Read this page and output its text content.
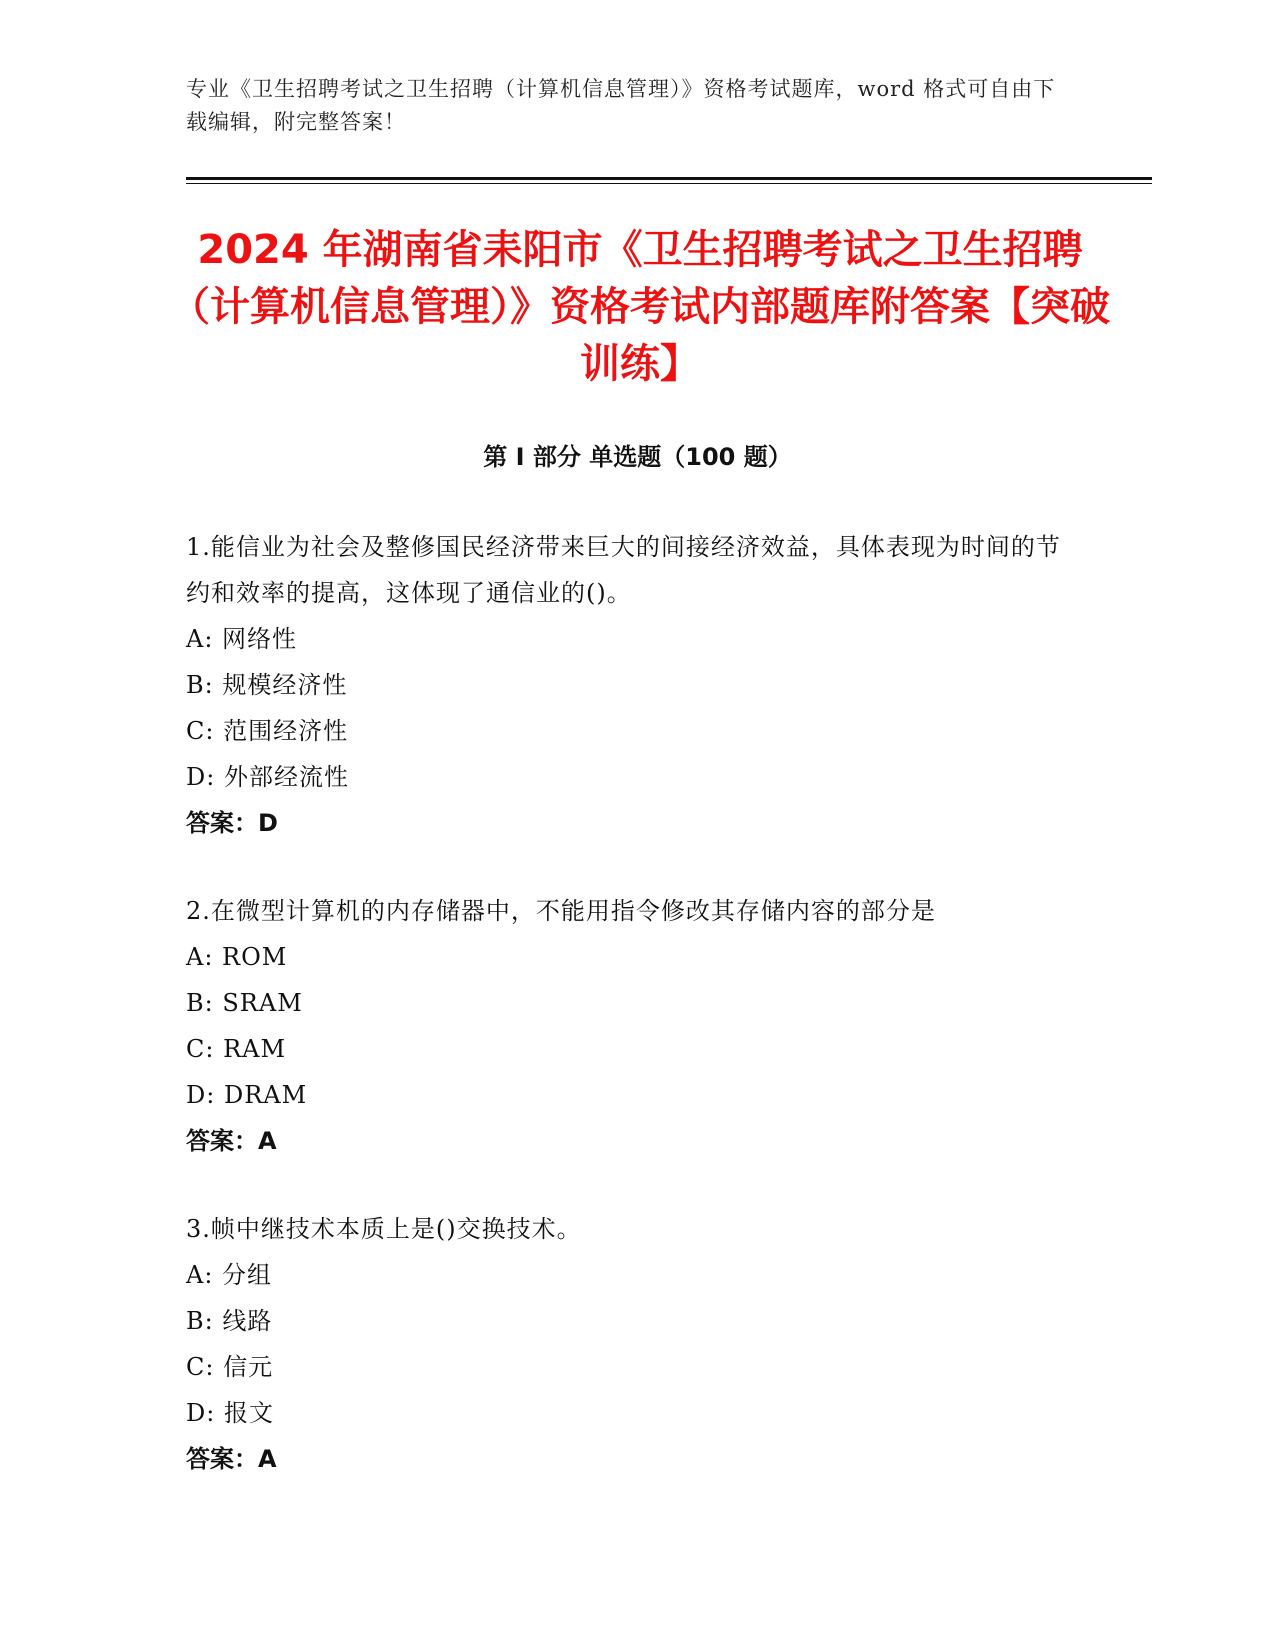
专业《卫生招聘考试之卫生招聘（计算机信息管理）》资格考试题库，word 格式可自由下载编辑，附完整答案！
2024 年湖南省耒阳市《卫生招聘考试之卫生招聘（计算机信息管理）》资格考试内部题库附答案【突破训练】
第 I 部分 单选题（100 题）
1.能信业为社会及整修国民经济带来巨大的间接经济效益，具体表现为时间的节约和效率的提高，这体现了通信业的()。
A: 网络性
B: 规模经济性
C: 范围经济性
D: 外部经流性
答案：D
2.在微型计算机的内存储器中，不能用指令修改其存储内容的部分是
A: ROM
B: SRAM
C: RAM
D: DRAM
答案：A
3.帧中继技术本质上是()交换技术。
A: 分组
B: 线路
C: 信元
D: 报文
答案：A
